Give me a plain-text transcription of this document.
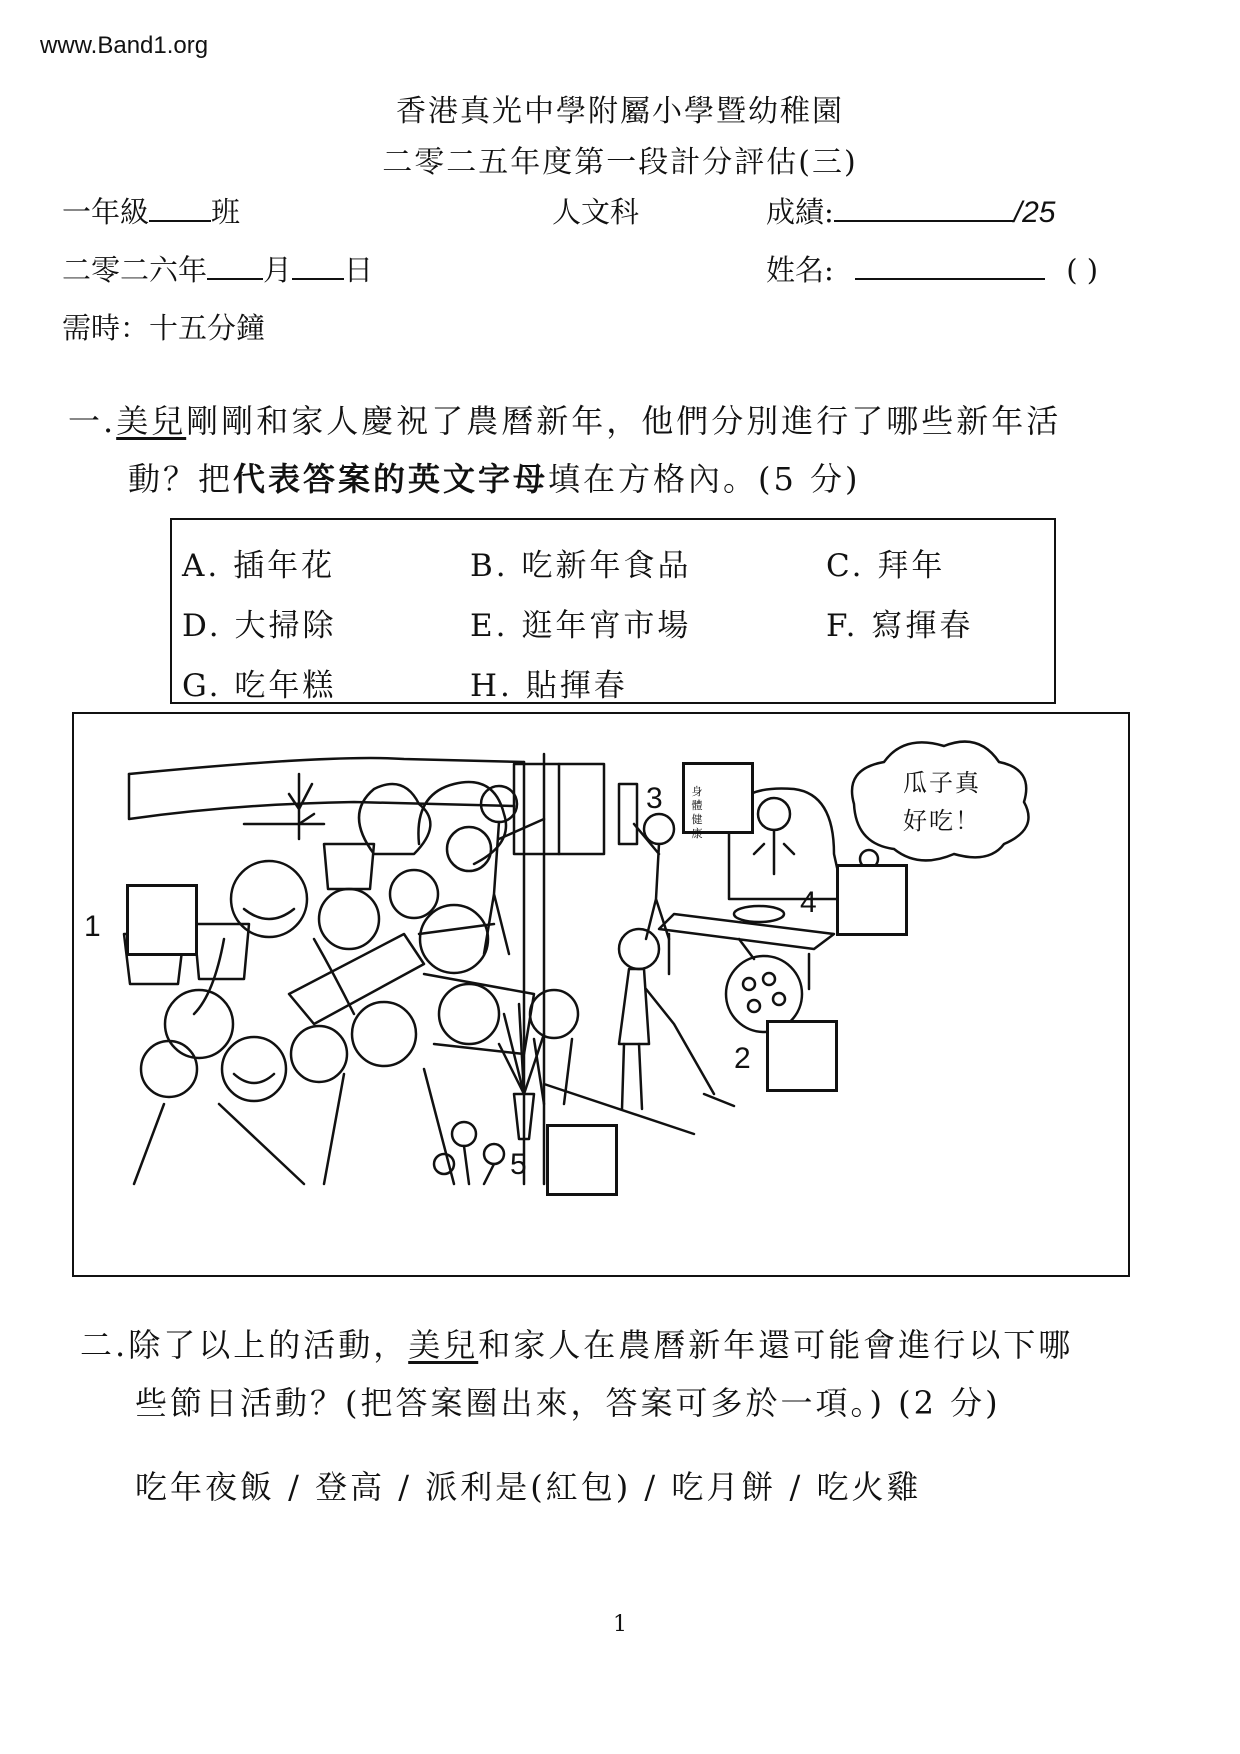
www.Band1.org
香港真光中學附屬小學暨幼稚園
二零二五年度第一段計分評估(三)
一年級 班	人文科	成績:	/25
二零二六年 月 日	姓名:	( )
需時：十五分鐘
一.美兒剛剛和家人慶祝了農曆新年，他們分別進行了哪些新年活
動？把代表答案的英文字母填在方格內。(5 分)
A. 插年花	B. 吃新年食品	C. 拜年
D. 大掃除	E. 逛年宵市場	F. 寫揮春
G. 吃年糕	H. 貼揮春
1
2
3
4
5
瓜子真
好吃！
身體健康
二.除了以上的活動，美兒和家人在農曆新年還可能會進行以下哪
些節日活動？(把答案圈出來，答案可多於一項。) (2 分)
吃年夜飯 / 登高 / 派利是(紅包) / 吃月餅 / 吃火雞
1
